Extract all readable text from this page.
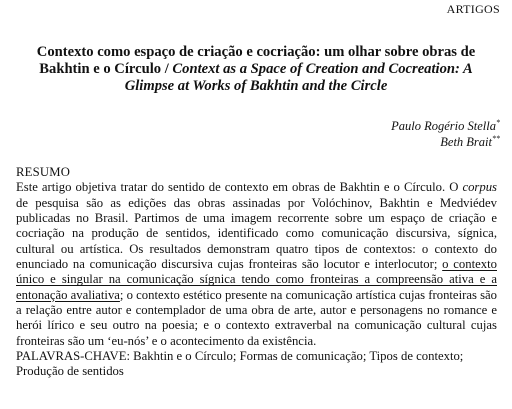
ARTIGOS
Contexto como espaço de criação e cocriação: um olhar sobre obras de Bakhtin e o Círculo / Context as a Space of Creation and Cocreation: A Glimpse at Works of Bakhtin and the Circle
Paulo Rogério Stella*
Beth Brait**
RESUMO
Este artigo objetiva tratar do sentido de contexto em obras de Bakhtin e o Círculo. O corpus de pesquisa são as edições das obras assinadas por Volóchinov, Bakhtin e Medviédev publicadas no Brasil. Partimos de uma imagem recorrente sobre um espaço de criação e cocriação na produção de sentidos, identificado como comunicação discursiva, sígnica, cultural ou artística. Os resultados demonstram quatro tipos de contextos: o contexto do enunciado na comunicação discursiva cujas fronteiras são locutor e interlocutor; o contexto único e singular na comunicação sígnica tendo como fronteiras a compreensão ativa e a entonação avaliativa; o contexto estético presente na comunicação artística cujas fronteiras são a relação entre autor e contemplador de uma obra de arte, autor e personagens no romance e herói lírico e seu outro na poesia; e o contexto extraverbal na comunicação cultural cujas fronteiras são um ‘eu-nós’ e o acontecimento da existência.
PALAVRAS-CHAVE: Bakhtin e o Círculo; Formas de comunicação; Tipos de contexto; Produção de sentidos
